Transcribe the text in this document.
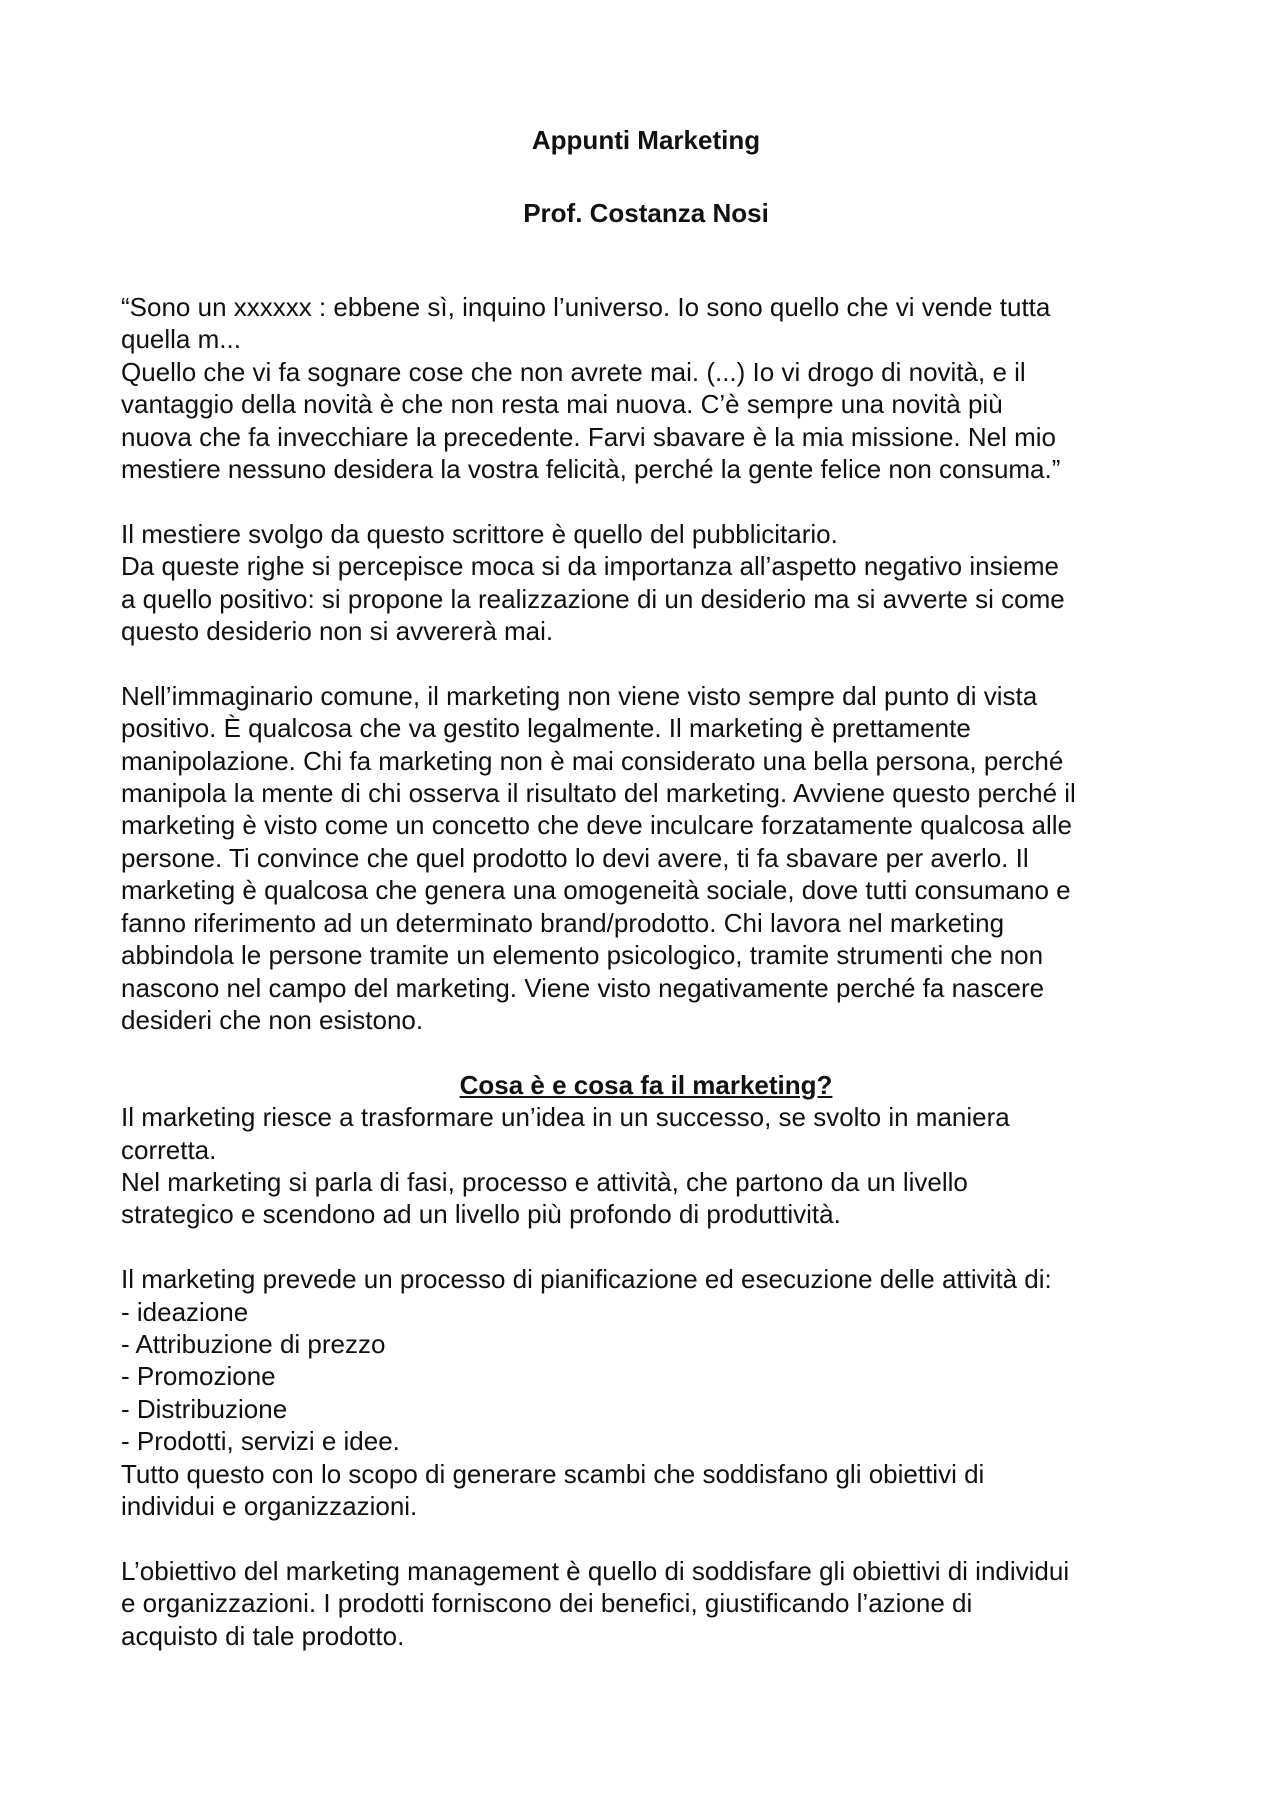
Appunti Marketing
Prof. Costanza Nosi

“Sono un xxxxxx : ebbene sì, inquino l’universo. Io sono quello che vi vende tutta
quella m...
Quello che vi fa sognare cose che non avrete mai. (...) Io vi drogo di novità, e il
vantaggio della novità è che non resta mai nuova. C’è sempre una novità più
nuova che fa invecchiare la precedente. Farvi sbavare è la mia missione. Nel mio
mestiere nessuno desidera la vostra felicità, perché la gente felice non consuma.”

Il mestiere svolgo da questo scrittore è quello del pubblicitario.
Da queste righe si percepisce moca si da importanza all’aspetto negativo insieme
a quello positivo: si propone la realizzazione di un desiderio ma si avverte si come
questo desiderio non si avvererà mai.

Nell’immaginario comune, il marketing non viene visto sempre dal punto di vista
positivo. È qualcosa che va gestito legalmente. Il marketing è prettamente
manipolazione. Chi fa marketing non è mai considerato una bella persona, perché
manipola la mente di chi osserva il risultato del marketing. Avviene questo perché il
marketing è visto come un concetto che deve inculcare forzatamente qualcosa alle
persone. Ti convince che quel prodotto lo devi avere, ti fa sbavare per averlo. Il
marketing è qualcosa che genera una omogeneità sociale, dove tutti consumano e
fanno riferimento ad un determinato brand/prodotto. Chi lavora nel marketing
abbindola le persone tramite un elemento psicologico, tramite strumenti che non
nascono nel campo del marketing. Viene visto negativamente perché fa nascere
desideri che non esistono.

Cosa è e cosa fa il marketing?

Il marketing riesce a trasformare un’idea in un successo, se svolto in maniera
corretta.
Nel marketing si parla di fasi, processo e attività, che partono da un livello
strategico e scendono ad un livello più profondo di produttività.

Il marketing prevede un processo di pianificazione ed esecuzione delle attività di:

- ideazione
- Attribuzione di prezzo
- Promozione
- Distribuzione
- Prodotti, servizi e idee.

Tutto questo con lo scopo di generare scambi che soddisfano gli obiettivi di
individui e organizzazioni.

L’obiettivo del marketing management è quello di soddisfare gli obiettivi di individui
e organizzazioni. I prodotti forniscono dei benefici, giustificando l’azione di
acquisto di tale prodotto.
